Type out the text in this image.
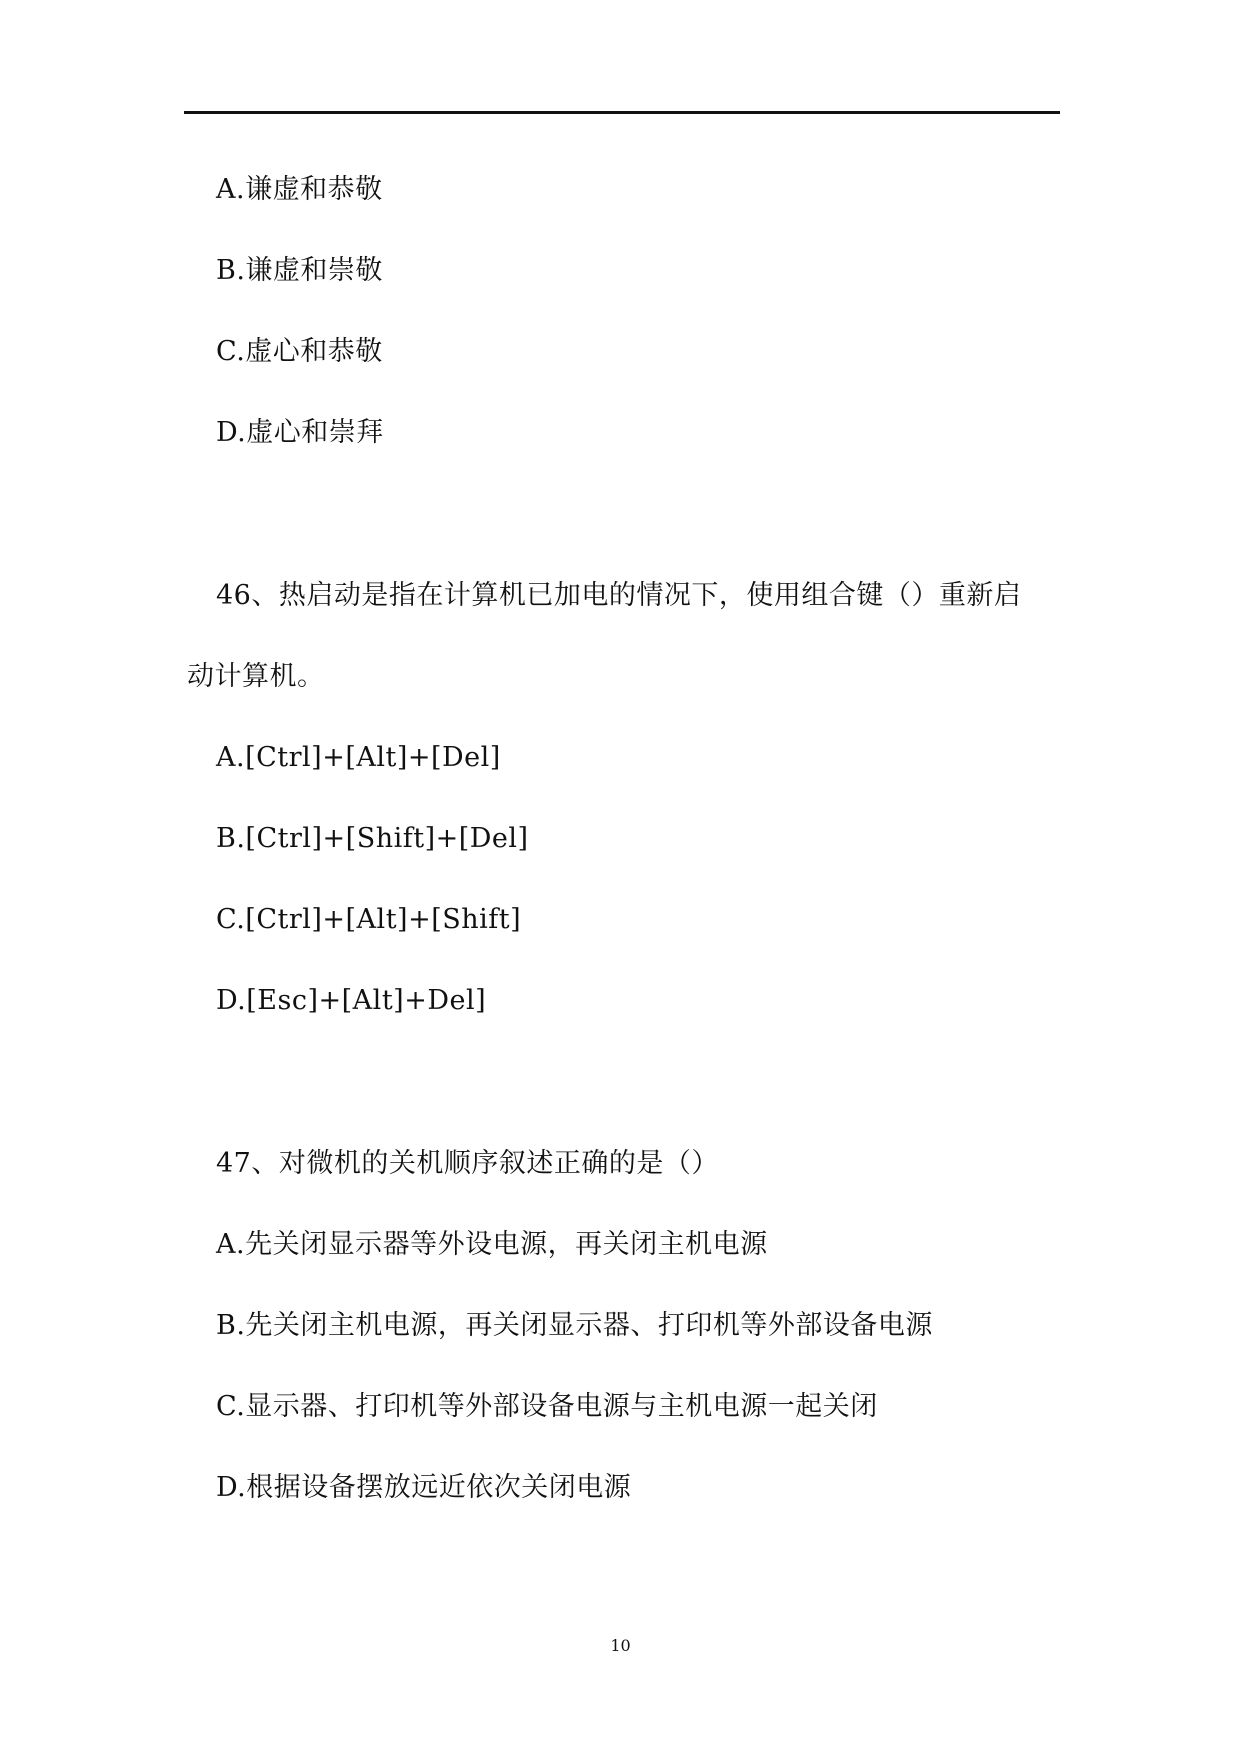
A.谦虚和恭敬
B.谦虚和崇敬
C.虚心和恭敬
D.虚心和崇拜
46、热启动是指在计算机已加电的情况下，使用组合键（）重新启
动计算机。
A.[Ctrl]+[Alt]+[Del]
B.[Ctrl]+[Shift]+[Del]
C.[Ctrl]+[Alt]+[Shift]
D.[Esc]+[Alt]+Del]
47、对微机的关机顺序叙述正确的是（）
A.先关闭显示器等外设电源，再关闭主机电源
B.先关闭主机电源，再关闭显示器、打印机等外部设备电源
C.显示器、打印机等外部设备电源与主机电源一起关闭
D.根据设备摆放远近依次关闭电源
10
